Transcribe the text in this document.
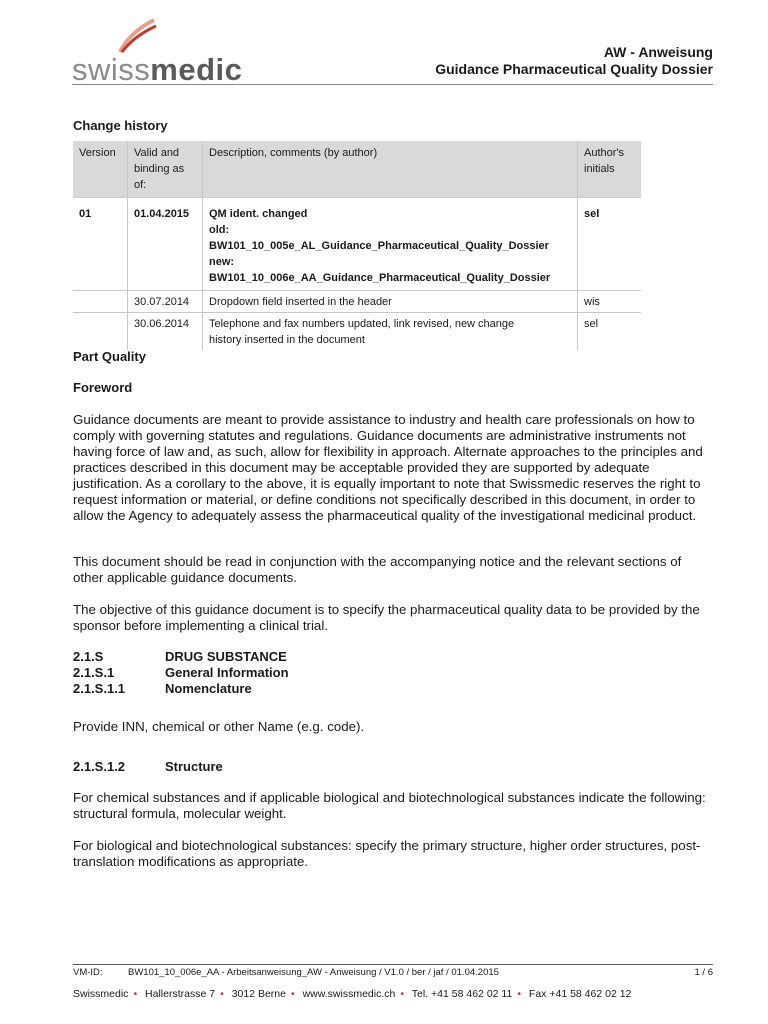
swissmedic	AW - Anweisung
Guidance Pharmaceutical Quality Dossier
Change history
Version	Valid and binding as of:	Description, comments (by author)	Author's initials
01	01.04.2015	QM ident. changed
old:
BW101_10_005e_AL_Guidance_Pharmaceutical_Quality_Dossier
new:
BW101_10_006e_AA_Guidance_Pharmaceutical_Quality_Dossier	sel
	30.07.2014	Dropdown field inserted in the header	wis
	30.06.2014	Telephone and fax numbers updated, link revised, new change
history inserted in the document	sel
Part Quality
Foreword

Guidance documents are meant to provide assistance to industry and health care professionals on how to comply with governing statutes and regulations. Guidance documents are administrative instruments not having force of law and, as such, allow for flexibility in approach. Alternate approaches to the principles and practices described in this document may be acceptable provided they are supported by adequate justification. As a corollary to the above, it is equally important to note that Swissmedic reserves the right to request information or material, or define conditions not specifically described in this document, in order to allow the Agency to adequately assess the pharmaceutical quality of the investigational medicinal product.

This document should be read in conjunction with the accompanying notice and the relevant sections of other applicable guidance documents.

The objective of this guidance document is to specify the pharmaceutical quality data to be provided by the sponsor before implementing a clinical trial.

2.1.S	DRUG SUBSTANCE
2.1.S.1	General Information
2.1.S.1.1	Nomenclature

Provide INN, chemical or other Name (e.g. code).

2.1.S.1.2	Structure

For chemical substances and if applicable biological and biotechnological substances indicate the following: structural formula, molecular weight.

For biological and biotechnological substances: specify the primary structure, higher order structures, post-translation modifications as appropriate.

VM-ID:	BW101_10_006e_AA - Arbeitsanweisung_AW - Anweisung / V1.0 / ber / jaf / 01.04.2015	1 / 6
Swissmedic • Hallerstrasse 7 • 3012 Berne • www.swissmedic.ch • Tel. +41 58 462 02 11 • Fax +41 58 462 02 12
